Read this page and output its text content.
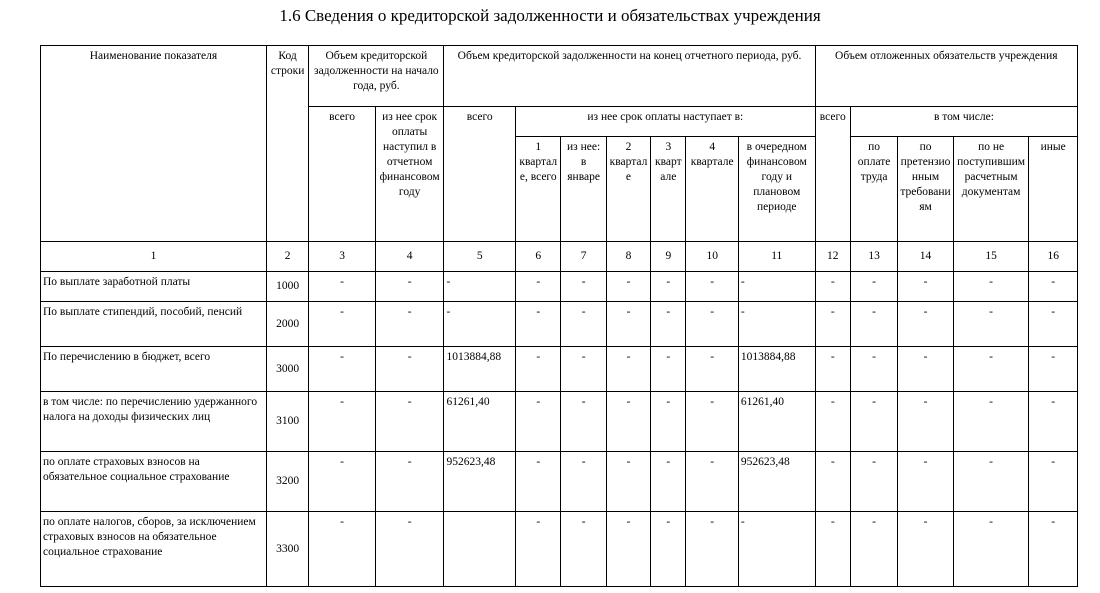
1.6 Сведения о кредиторской задолженности и обязательствах учреждения
Наименование показателя	Код строки	Объем кредиторской задолженности на начало года, руб.		Объем кредиторской задолженности на конец отчетного периода, руб.							Объем отложенных обязательств учреждения				
		всего	из нее срок оплаты наступил в отчетном финансовом году	всего	из нее срок оплаты наступает в:						всего	в том числе:			
					1 квартале, всего	из нее: в январе	2 квартале	3 квартале	4 квартале	в очередном финансовом году и плановом периоде		по оплате труда	по претензионным требованиям	по не поступившим расчетным документам	иные
1	2	3	4	5	6	7	8	9	10	11	12	13	14	15	16
По выплате заработной платы	1000	-	-	-	-	-	-	-	-	-	-	-	-	-	-
По выплате стипендий, пособий, пенсий	2000	-	-	-	-	-	-	-	-	-	-	-	-	-	-
По перечислению в бюджет, всего	3000	-	-	1013884,88	-	-	-	-	-	1013884,88	-	-	-	-	-
в том числе: по перечислению удержанного налога на доходы физических лиц	3100	-	-	61261,40	-	-	-	-	-	61261,40	-	-	-	-	-
по оплате страховых взносов на обязательное социальное страхование	3200	-	-	952623,48	-	-	-	-	-	952623,48	-	-	-	-	-
по оплате налогов, сборов, за исключением страховых взносов на обязательное социальное страхование	3300	-	-		-	-	-	-	-	-	-	-	-	-	-
